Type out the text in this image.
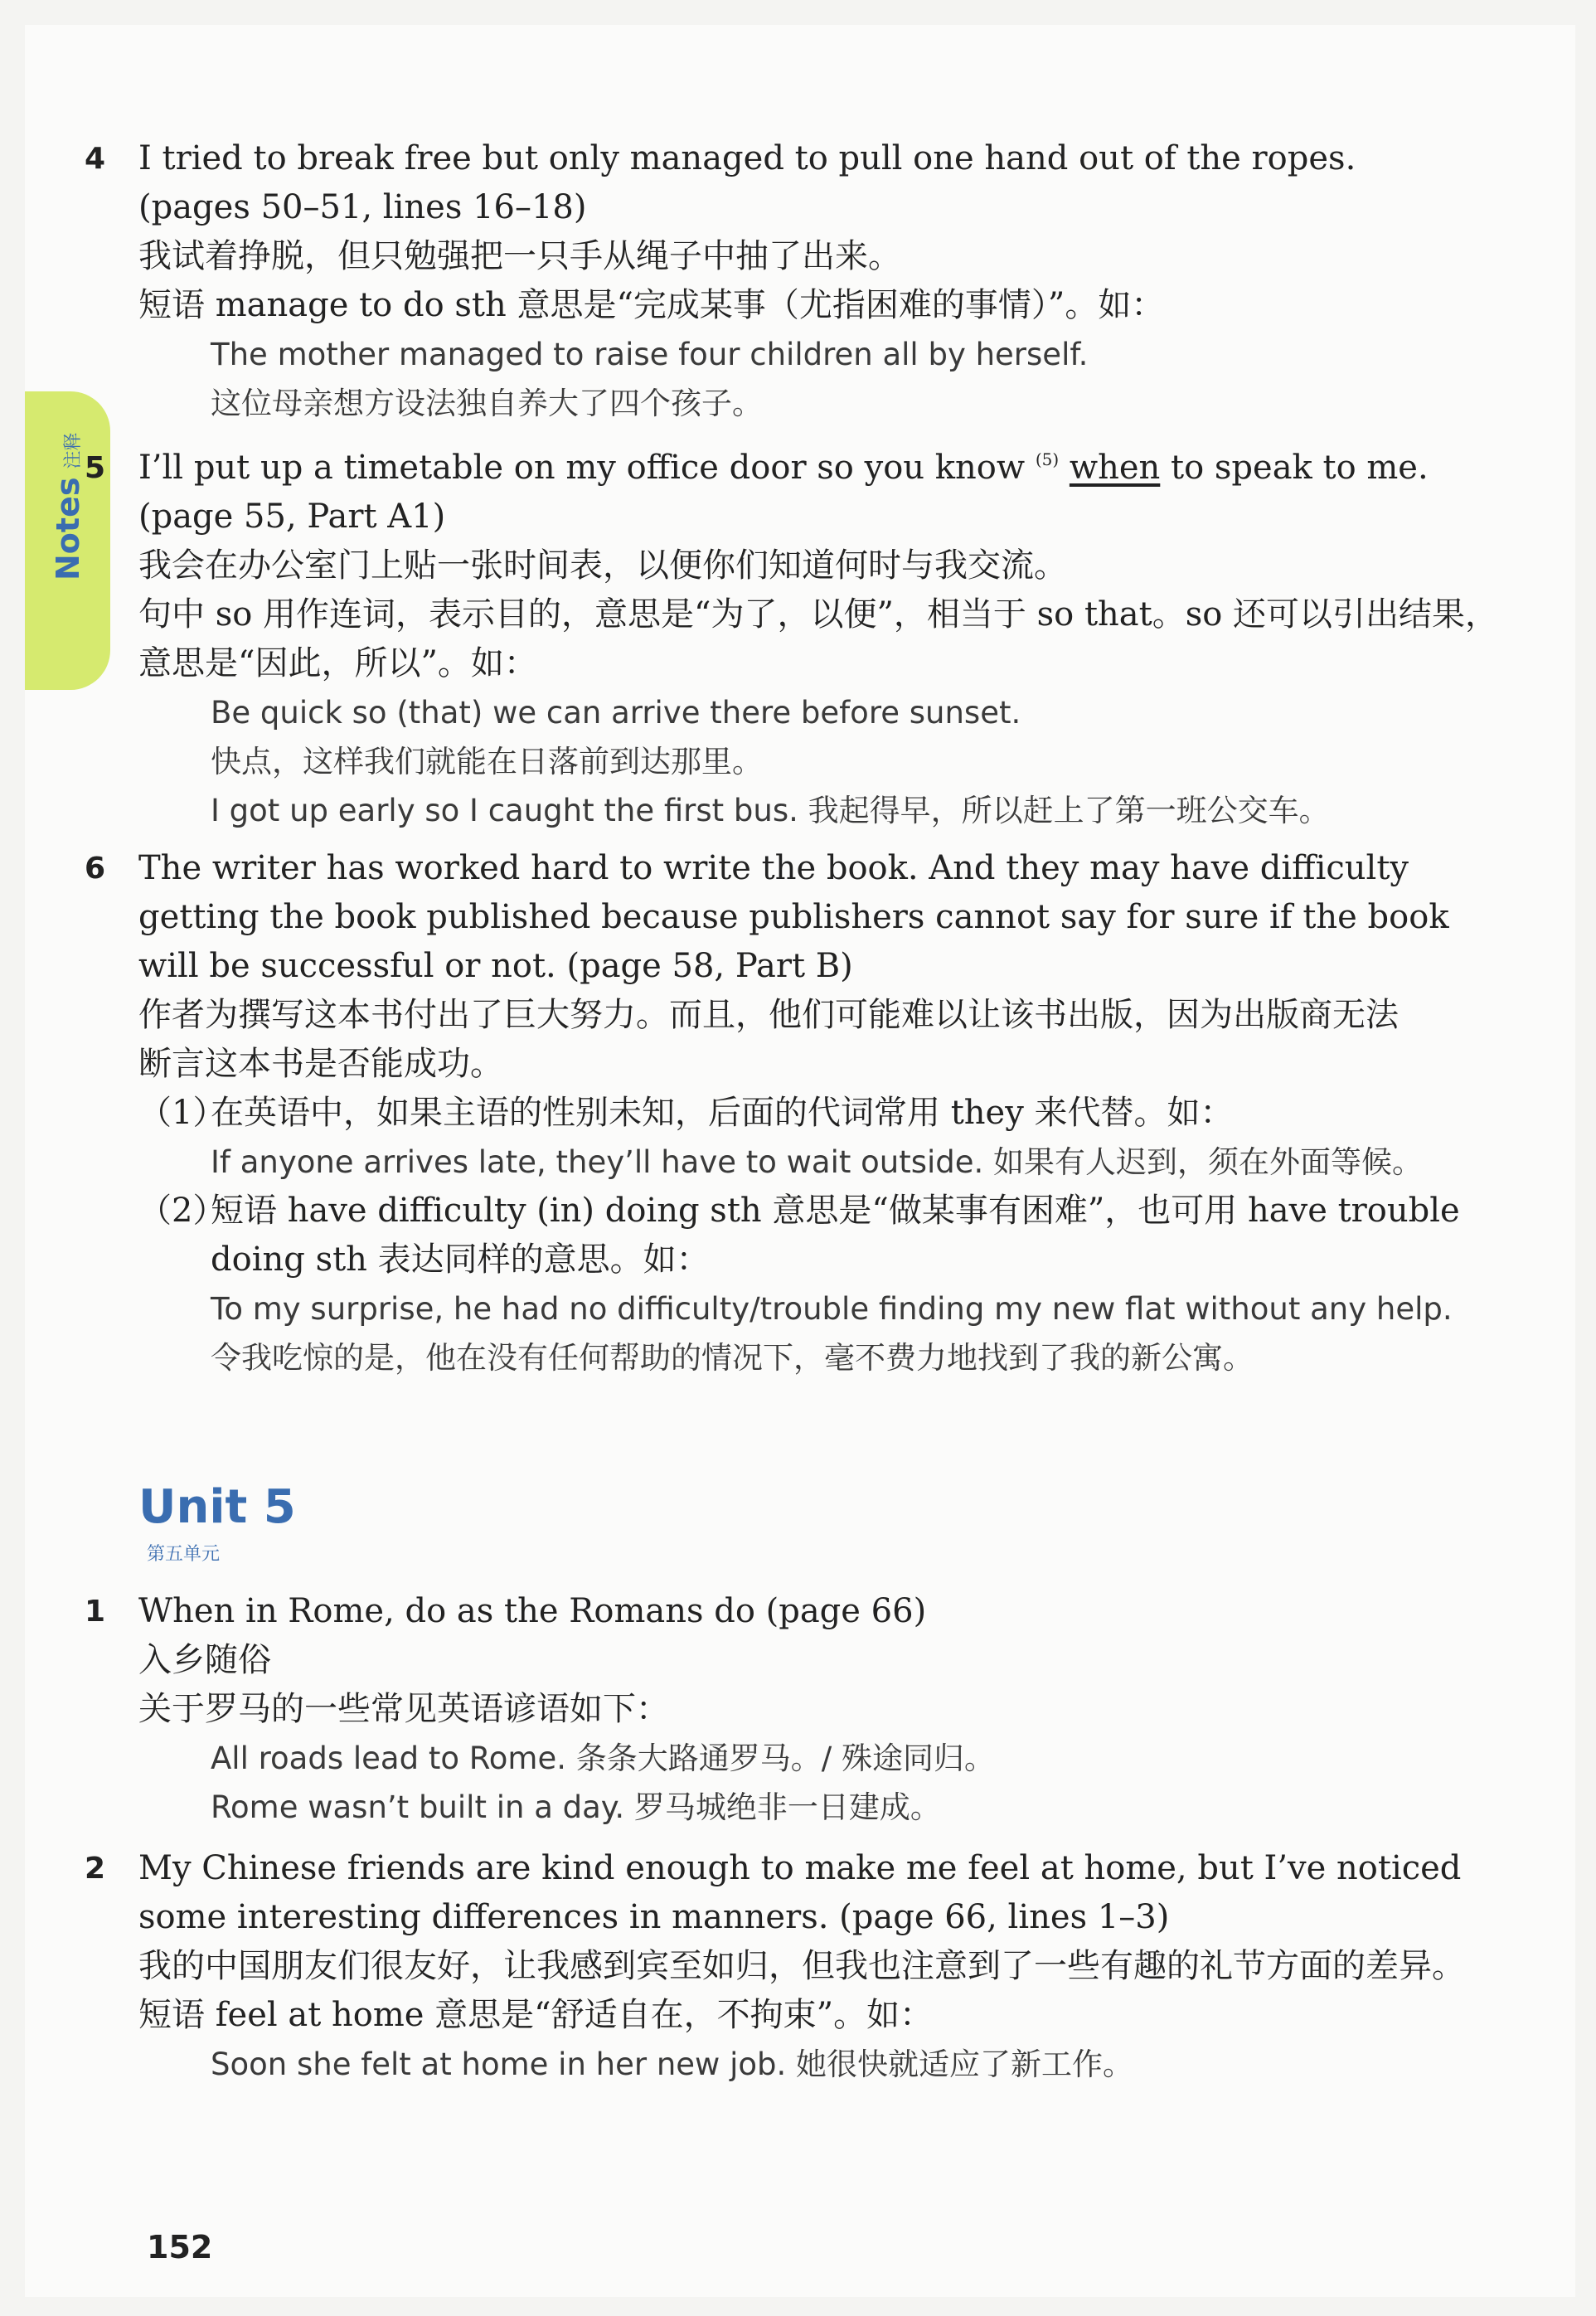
Notes注释
4 I tried to break free but only managed to pull one hand out of the ropes.
(pages 50–51, lines 16–18)
我试着挣脱，但只勉强把一只手从绳子中抽了出来。
短语 manage to do sth 意思是“完成某事（尤指困难的事情）”。如：
The mother managed to raise four children all by herself.
这位母亲想方设法独自养大了四个孩子。
5 I’ll put up a timetable on my office door so you know $^{(5)}$ when to speak to me.
(page 55, Part A1)
我会在办公室门上贴一张时间表，以便你们知道何时与我交流。
句中 so 用作连词，表示目的，意思是“为了，以便”，相当于 so that。so 还可以引出结果，
意思是“因此，所以”。如：
Be quick so (that) we can arrive there before sunset.
快点，这样我们就能在日落前到达那里。
I got up early so I caught the first bus. 我起得早，所以赶上了第一班公交车。
6 The writer has worked hard to write the book. And they may have difficulty
getting the book published because publishers cannot say for sure if the book
will be successful or not. (page 58, Part B)
作者为撰写这本书付出了巨大努力。而且，他们可能难以让该书出版，因为出版商无法
断言这本书是否能成功。
（1）
在英语中，如果主语的性别未知，后面的代词常用 they 来代替。如：
If anyone arrives late, they’ll have to wait outside. 如果有人迟到，须在外面等候。
（2）
短语 have difficulty (in) doing sth 意思是“做某事有困难”，也可用 have trouble
doing sth 表达同样的意思。如：
To my surprise, he had no difficulty/trouble finding my new flat without any help.
令我吃惊的是，他在没有任何帮助的情况下，毫不费力地找到了我的新公寓。
Unit 5
第五单元
1 When in Rome, do as the Romans do (page 66)
入乡随俗
关于罗马的一些常见英语谚语如下：
All roads lead to Rome. 条条大路通罗马。/ 殊途同归。
Rome wasn’t built in a day. 罗马城绝非一日建成。
2 My Chinese friends are kind enough to make me feel at home, but I’ve noticed
some interesting differences in manners. (page 66, lines 1–3)
我的中国朋友们很友好，让我感到宾至如归，但我也注意到了一些有趣的礼节方面的差异。
短语 feel at home 意思是“舒适自在，不拘束”。如：
Soon she felt at home in her new job. 她很快就适应了新工作。
152
